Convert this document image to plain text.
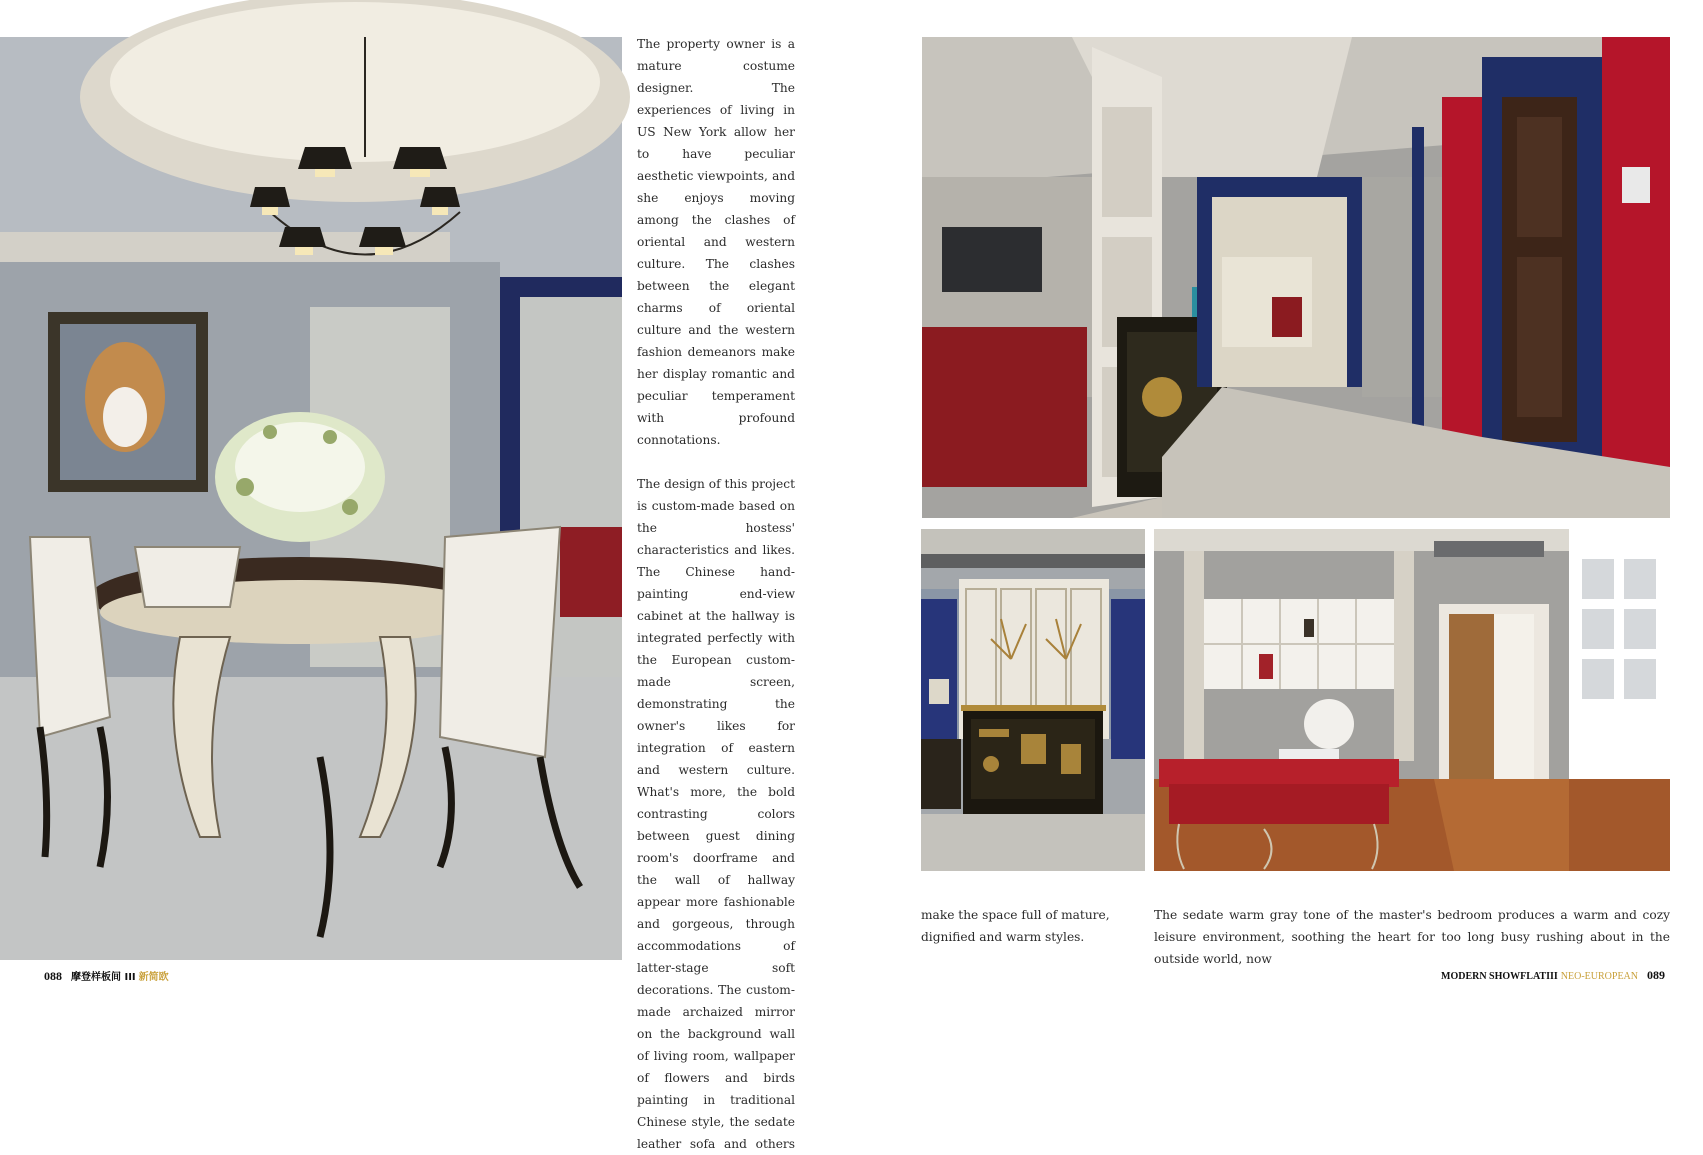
The property owner is a mature costume designer. The experiences of living in US New York allow her to have peculiar aesthetic viewpoints, and she enjoys moving among the clashes of oriental and western culture. The clashes between the elegant charms of oriental culture and the western fashion demeanors make her display romantic and peculiar temperament with profound connotations.

The design of this project is custom-made based on the hostess' characteristics and likes. The Chinese hand-painting end-view cabinet at the hallway is integrated perfectly with the European custom-made screen, demonstrating the owner's likes for integration of eastern and western culture. What's more, the bold contrasting colors between guest dining room's doorframe and the wall of hallway appear more fashionable and gorgeous, through accommodations of latter-stage soft decorations. The custom-made archaized mirror on the background wall of living room, wallpaper of flowers and birds painting in traditional Chinese style, the sedate leather sofa and others

make the space full of mature, dignified and warm styles.
The sedate warm gray tone of the master's bedroom produces a warm and cozy leisure environment, soothing the heart for too long busy rushing about in the outside world, now
088 摩登样板间 III 新简欧	MODERN SHOWFLATIII NEO-EUROPEAN 089
